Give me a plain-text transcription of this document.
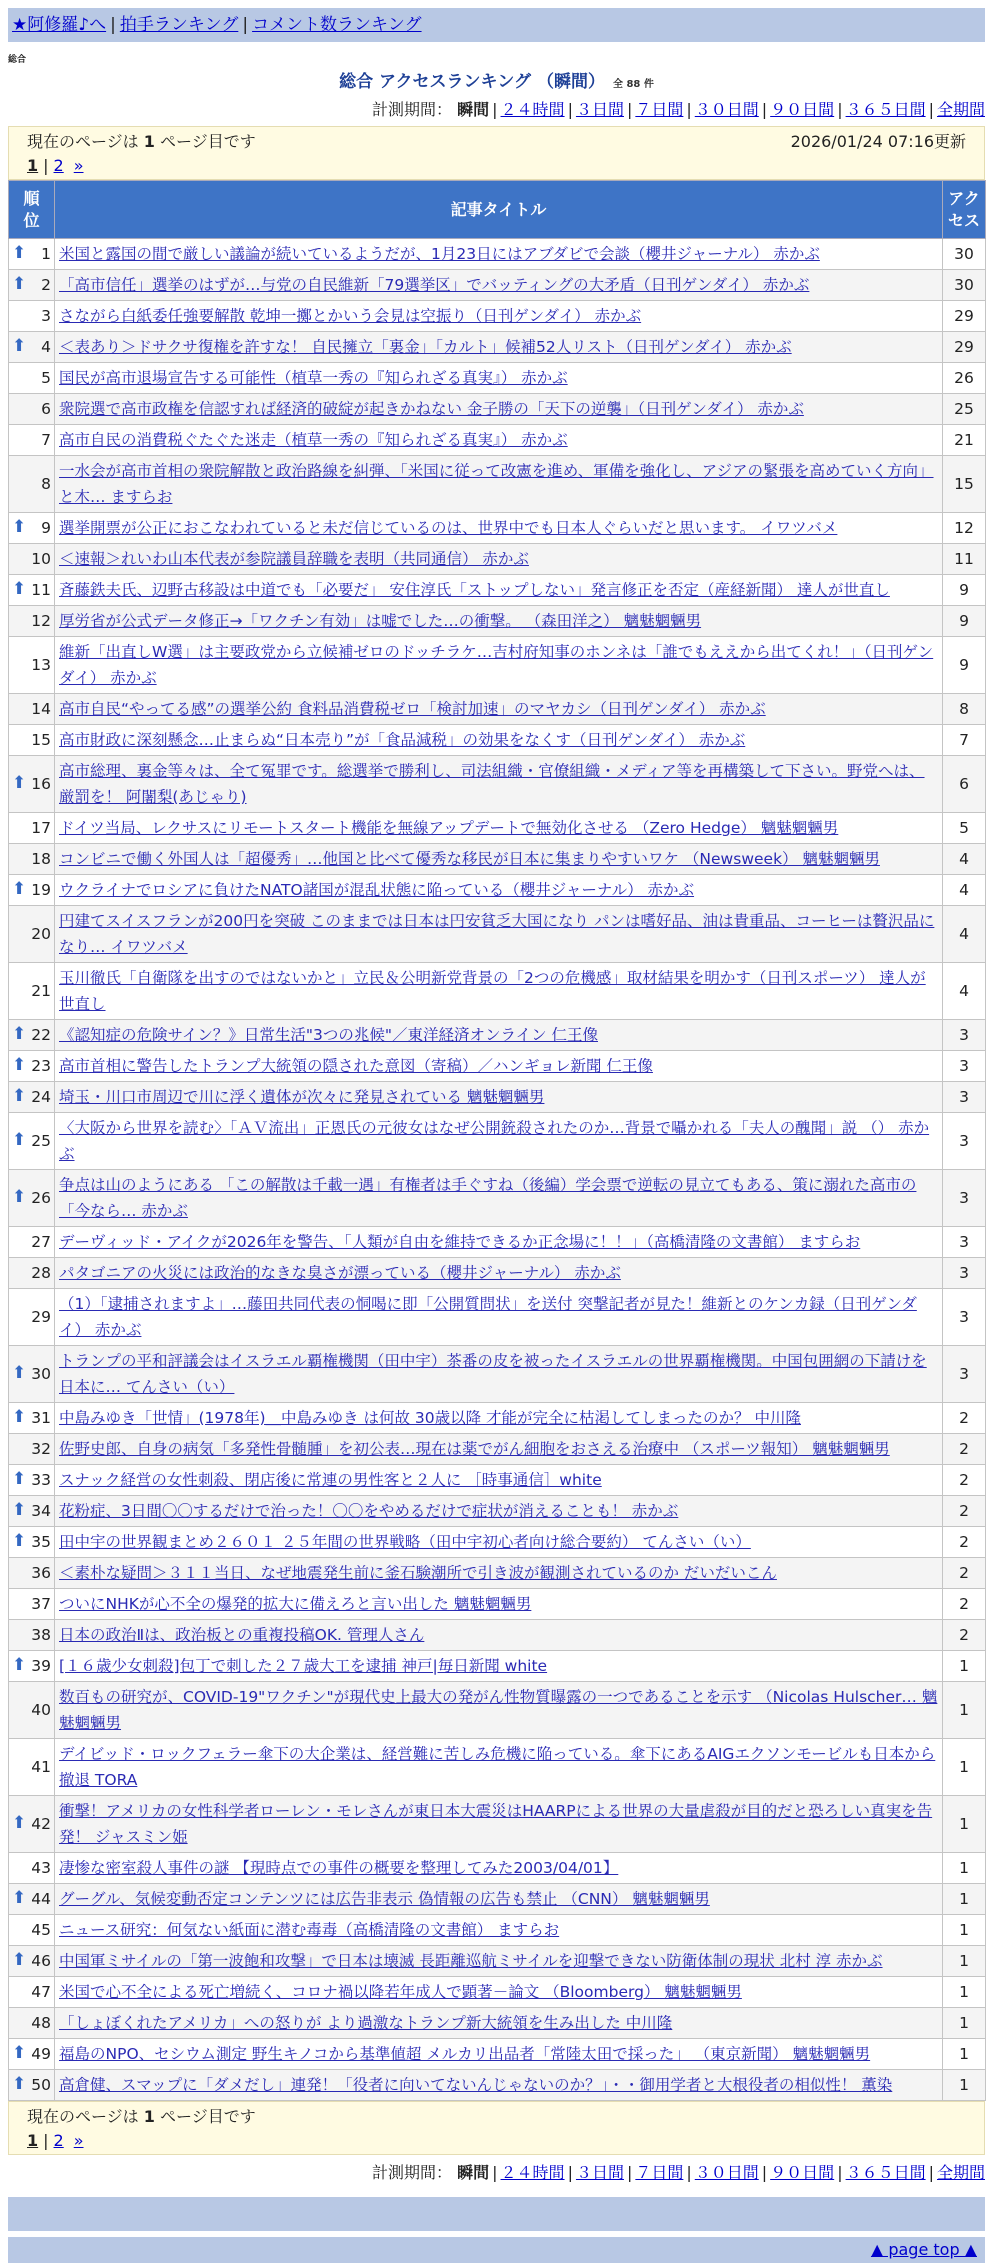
★阿修羅♪へ | 拍手ランキング | コメント数ランキング
総合
総合 アクセスランキング （瞬間） 全 88 件
計測期間： 瞬間 | ２４時間 | ３日間 | ７日間 | ３０日間 | ９０日間 | ３６５日間 | 全期間
現在のページは 1 ページ目です	2026/01/24 07:16更新
1 | 2 »
順
位	記事タイトル	アク
セス

⬆ 1	米国と露国の間で厳しい議論が続いているようだが、1月23日にはアブダビで会談（櫻井ジャーナル） 赤かぶ	30

⬆ 2	「高市信任」選挙のはずが…与党の自民維新「79選挙区」でバッティングの大矛盾（日刊ゲンダイ） 赤かぶ	30
3	さながら白紙委任強要解散 乾坤一擲とかいう会見は空振り（日刊ゲンダイ） 赤かぶ	29

⬆ 4	＜表あり＞ドサクサ復権を許すな！ 自民擁立「裏金」「カルト」候補52人リスト（日刊ゲンダイ） 赤かぶ	29
5	国民が高市退場宣告する可能性（植草一秀の『知られざる真実』） 赤かぶ	26
6	衆院選で高市政権を信認すれば経済的破綻が起きかねない 金子勝の「天下の逆襲」（日刊ゲンダイ） 赤かぶ	25
7	高市自民の消費税ぐたぐた迷走（植草一秀の『知られざる真実』） 赤かぶ	21
8	一水会が高市首相の衆院解散と政治路線を糾弾、「米国に従って改憲を進め、軍備を強化し、アジアの緊張を高めていく方向」と木… ますらお	15

⬆ 9	選挙開票が公正におこなわれていると未だ信じているのは、世界中でも日本人ぐらいだと思います。 イワツバメ	12
10	＜速報＞れいわ山本代表が参院議員辞職を表明（共同通信） 赤かぶ	11

⬆ 11	斉藤鉄夫氏、辺野古移設は中道でも「必要だ」 安住淳氏「ストップしない」発言修正を否定（産経新聞） 達人が世直し	9
12	厚労省が公式データ修正→「ワクチン有効」は嘘でした…の衝撃。 （森田洋之） 魑魅魍魎男	9
13	維新「出直しW選」は主要政党から立候補ゼロのドッチラケ…吉村府知事のホンネは「誰でもええから出てくれ！」（日刊ゲンダイ） 赤かぶ	9
14	高市自民“やってる感”の選挙公約 食料品消費税ゼロ「検討加速」のマヤカシ（日刊ゲンダイ） 赤かぶ	8
15	高市財政に深刻懸念…止まらぬ“日本売り”が「食品減税」の効果をなくす（日刊ゲンダイ） 赤かぶ	7

⬆ 16	高市総理、裏金等々は、全て冤罪です。総選挙で勝利し、司法組織・官僚組織・メディア等を再構築して下さい。野党へは、厳罰を！ 阿闍梨(あじゃり)	6
17	ドイツ当局、レクサスにリモートスタート機能を無線アップデートで無効化させる （Zero Hedge） 魑魅魍魎男	5
18	コンビニで働く外国人は「超優秀」…他国と比べて優秀な移民が日本に集まりやすいワケ （Newsweek） 魑魅魍魎男	4

⬆ 19	ウクライナでロシアに負けたNATO諸国が混乱状態に陥っている（櫻井ジャーナル） 赤かぶ	4
20	円建てスイスフランが200円を突破 このままでは日本は円安貧乏大国になり パンは嗜好品、油は貴重品、コーヒーは贅沢品になり… イワツバメ	4
21	玉川徹氏「自衛隊を出すのではないかと」立民＆公明新党背景の「2つの危機感」取材結果を明かす（日刊スポーツ） 達人が世直し	4

⬆ 22	《認知症の危険サイン？》日常生活"3つの兆候"／東洋経済オンライン 仁王像	3

⬆ 23	高市首相に警告したトランプ大統領の隠された意図（寄稿）／ハンギョレ新聞 仁王像	3

⬆ 24	埼玉・川口市周辺で川に浮く遺体が次々に発見されている 魑魅魍魎男	3

⬆ 25	〈大阪から世界を読む〉「ＡＶ流出」正恩氏の元彼女はなぜ公開銃殺されたのか…背景で囁かれる「夫人の醜聞」説 （） 赤かぶ	3

⬆ 26	争点は山のようにある 「この解散は千載一遇」有権者は手ぐすね（後編）学会票で逆転の見立てもある、策に溺れた高市の「今なら… 赤かぶ	3
27	デーヴィッド・アイクが2026年を警告、「人類が自由を維持できるか正念場に！！」（高橋清隆の文書館） ますらお	3
28	パタゴニアの火災には政治的なきな臭さが漂っている（櫻井ジャーナル） 赤かぶ	3
29	（1）「逮捕されますよ」…藤田共同代表の恫喝に即「公開質問状」を送付 突撃記者が見た！維新とのケンカ録（日刊ゲンダイ） 赤かぶ	3

⬆ 30	トランプの平和評議会はイスラエル覇権機関（田中宇）茶番の皮を被ったイスラエルの世界覇権機関。中国包囲網の下請けを日本に… てんさい（い）	3

⬆ 31	中島みゆき「世情」(1978年)＿中島みゆき は何故 30歳以降 才能が完全に枯渇してしまったのか？ 中川隆	2
32	佐野史郎、自身の病気「多発性骨髄腫」を初公表…現在は薬でがん細胞をおさえる治療中 （スポーツ報知） 魑魅魍魎男	2

⬆ 33	スナック経営の女性刺殺、閉店後に常連の男性客と２人に ［時事通信］white	2

⬆ 34	花粉症、3日間〇〇するだけで治った！〇〇をやめるだけで症状が消えることも！ 赤かぶ	2

⬆ 35	田中宇の世界観まとめ２６０１ ２５年間の世界戦略（田中宇初心者向け総合要約） てんさい（い）	2
36	＜素朴な疑問＞３１１当日、なぜ地震発生前に釜石験潮所で引き波が観測されているのか だいだいこん	2
37	ついにNHKが心不全の爆発的拡大に備えろと言い出した 魑魅魍魎男	2
38	日本の政治Ⅱは、政治板との重複投稿OK. 管理人さん	2

⬆ 39	[１６歳少女刺殺]包丁で刺した２７歳大工を逮捕 神戸|毎日新聞 white	1
40	数百もの研究が、COVID-19"ワクチン"が現代史上最大の発がん性物質曝露の一つであることを示す （Nicolas Hulscher… 魑魅魍魎男	1
41	デイビッド・ロックフェラー傘下の大企業は、経営難に苦しみ危機に陥っている。傘下にあるAIGエクソンモービルも日本から撤退 TORA	1

⬆ 42	衝撃！アメリカの女性科学者ローレン・モレさんが東日本大震災はHAARPによる世界の大量虐殺が目的だと恐ろしい真実を告発！ ジャスミン姫	1
43	凄惨な密室殺人事件の謎 【現時点での事件の概要を整理してみた2003/04/01】	1

⬆ 44	グーグル、気候変動否定コンテンツには広告非表示 偽情報の広告も禁止 （CNN） 魑魅魍魎男	1
45	ニュース研究：何気ない紙面に潜む毒毒（高橋清隆の文書館） ますらお	1

⬆ 46	中国軍ミサイルの「第一波飽和攻撃」で日本は壊滅 長距離巡航ミサイルを迎撃できない防衛体制の現状 北村 淳 赤かぶ	1
47	米国で心不全による死亡増続く、コロナ禍以降若年成人で顕著－論文 （Bloomberg） 魑魅魍魎男	1
48	「しょぼくれたアメリカ」への怒りが より過激なトランプ新大統領を生み出した 中川隆	1

⬆ 49	福島のNPO、セシウム測定 野生キノコから基準値超 メルカリ出品者「常陸太田で採った」 （東京新聞） 魑魅魍魎男	1

⬆ 50	高倉健、スマップに「ダメだし」連発！「役者に向いてないんじゃないのか？」・・御用学者と大根役者の相似性！ 薫染	1
現在のページは 1 ページ目です
1 | 2 »
計測期間： 瞬間 | ２４時間 | ３日間 | ７日間 | ３０日間 | ９０日間 | ３６５日間 | 全期間
▲ page top ▲
